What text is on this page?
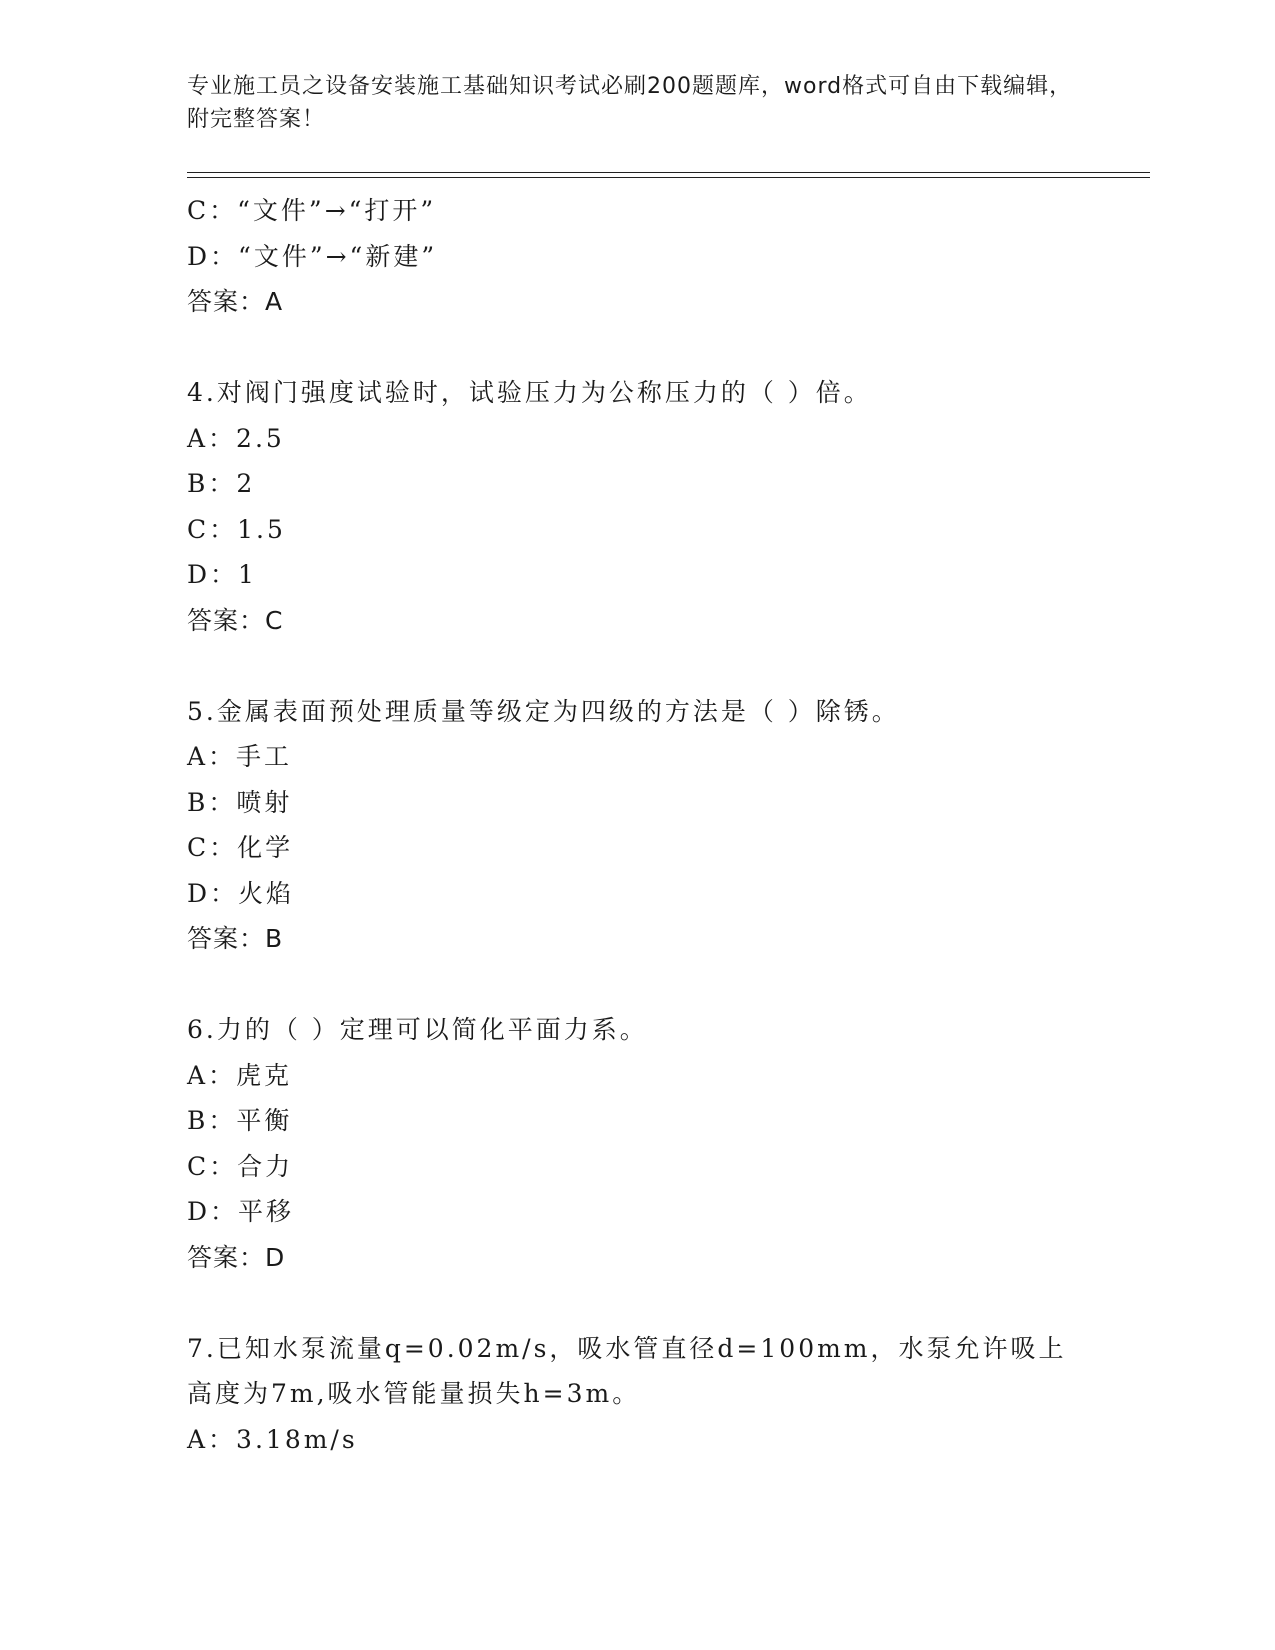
专业施工员之设备安装施工基础知识考试必刷200题题库，word格式可自由下载编辑，附完整答案！
C：“文件”→“打开”
D：“文件”→“新建”
答案：A
4.对阀门强度试验时，试验压力为公称压力的（ ）倍。
A：2.5
B：2
C：1.5
D：1
答案：C
5.金属表面预处理质量等级定为四级的方法是（ ）除锈。
A：手工
B：喷射
C：化学
D：火焰
答案：B
6.力的（ ）定理可以简化平面力系。
A：虎克
B：平衡
C：合力
D：平移
答案：D
7.已知水泵流量q=0.02m/s，吸水管直径d=100mm，水泵允许吸上高度为7m,吸水管能量损失h=3m。
A：3.18m/s
